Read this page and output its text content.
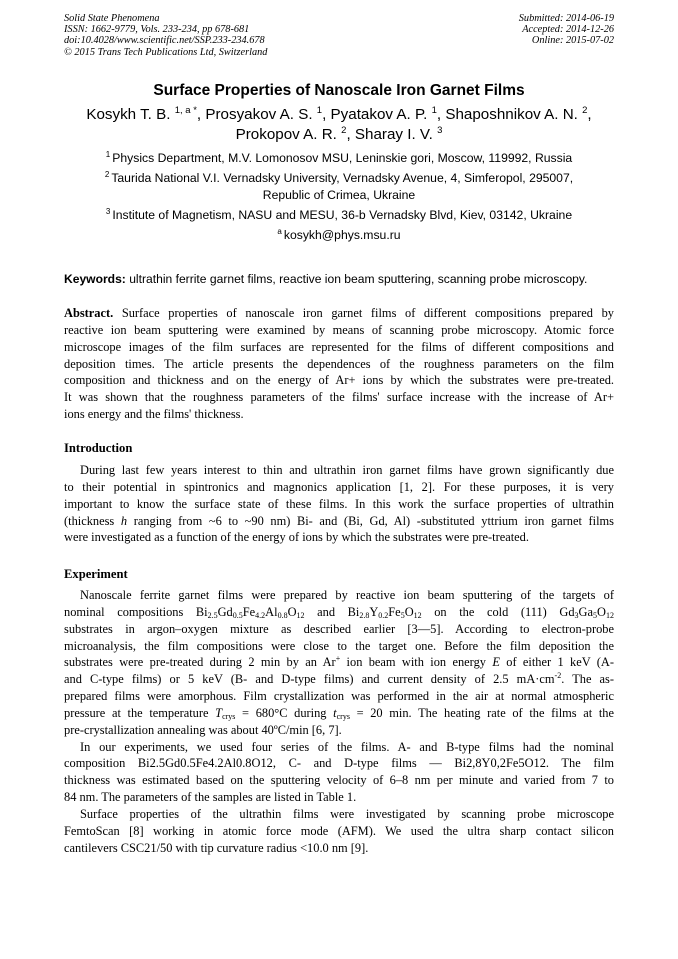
Solid State Phenomena
ISSN: 1662-9779, Vols. 233-234, pp 678-681
doi:10.4028/www.scientific.net/SSP.233-234.678
© 2015 Trans Tech Publications Ltd, Switzerland
Submitted: 2014-06-19
Accepted: 2014-12-26
Online: 2015-07-02
Surface Properties of Nanoscale Iron Garnet Films
Kosykh T. B. $^{1, a *}$, Prosyakov A. S. $^1$, Pyatakov A. P. $^1$, Shaposhnikov A. N. $^2$,
Prokopov A. R. $^2$, Sharay I. V. $^3$
$^1$ Physics Department, M.V. Lomonosov MSU, Leninskie gori, Moscow, 119992, Russia
$^2$ Taurida National V.I. Vernadsky University, Vernadsky Avenue, 4, Simferopol, 295007,
Republic of Crimea, Ukraine
$^3$ Institute of Magnetism, NASU and MESU, 36-b Vernadsky Blvd, Kiev, 03142, Ukraine
$^a$ kosykh@phys.msu.ru
Keywords: ultrathin ferrite garnet films, reactive ion beam sputtering, scanning probe microscopy.
Abstract. Surface properties of nanoscale iron garnet films of different compositions prepared by
reactive ion beam sputtering were examined by means of scanning probe microscopy. Atomic force
microscope images of the film surfaces are represented for the films of different compositions and
deposition times. The article presents the dependences of the roughness parameters on the film
composition and thickness and on the energy of Ar+ ions by which the substrates were pre-treated.
It was shown that the roughness parameters of the films' surface increase with the increase of Ar+
ions energy and the films' thickness.
Introduction
During last few years interest to thin and ultrathin iron garnet films have grown significantly due
to their potential in spintronics and magnonics application [1, 2]. For these purposes, it is very
important to know the surface state of these films. In this work the surface properties of ultrathin
(thickness h ranging from ~6 to ~90 nm) Bi- and (Bi, Gd, Al) -substituted yttrium iron garnet films
were investigated as a function of the energy of ions by which the substrates were pre-treated.
Experiment
Nanoscale ferrite garnet films were prepared by reactive ion beam sputtering of the targets of
nominal compositions $Bi_{2.5}Gd_{0.5}Fe_{4.2}Al_{0.8}O_{12}$ and $Bi_{2.8}Y_{0.2}Fe_5O_{12}$ on the cold (111) $Gd_3Ga_5O_{12}$
substrates in argon–oxygen mixture as described earlier [3—5]. According to electron-probe
microanalysis, the film compositions were close to the target one. Before the film deposition the
substrates were pre-treated during 2 min by an Ar+ ion beam with ion energy E of either 1 keV (A-
and C-type films) or 5 keV (B- and D-type films) and current density of 2.5 $mA\cdot cm^{-2}$. The as-
prepared films were amorphous. Film crystallization was performed in the air at normal atmospheric
pressure at the temperature $T_{crys} = 680^\circ C$ during $t_{crys} = 20$ min. The heating rate of the films at the
pre-crystallization annealing was about 40ºC/min [6, 7].
In our experiments, we used four series of the films. A- and B-type films had the nominal
composition Bi2.5Gd0.5Fe4.2Al0.8O12, C- and D-type films — Bi2,8Y0,2Fe5O12. The film
thickness was estimated based on the sputtering velocity of 6–8 nm per minute and varied from 7 to
84 nm. The parameters of the samples are listed in Table 1.
Surface properties of the ultrathin films were investigated by scanning probe microscope
FemtoScan [8] working in atomic force mode (AFM). We used the ultra sharp contact silicon
cantilevers CSC21/50 with tip curvature radius <10.0 nm [9].
